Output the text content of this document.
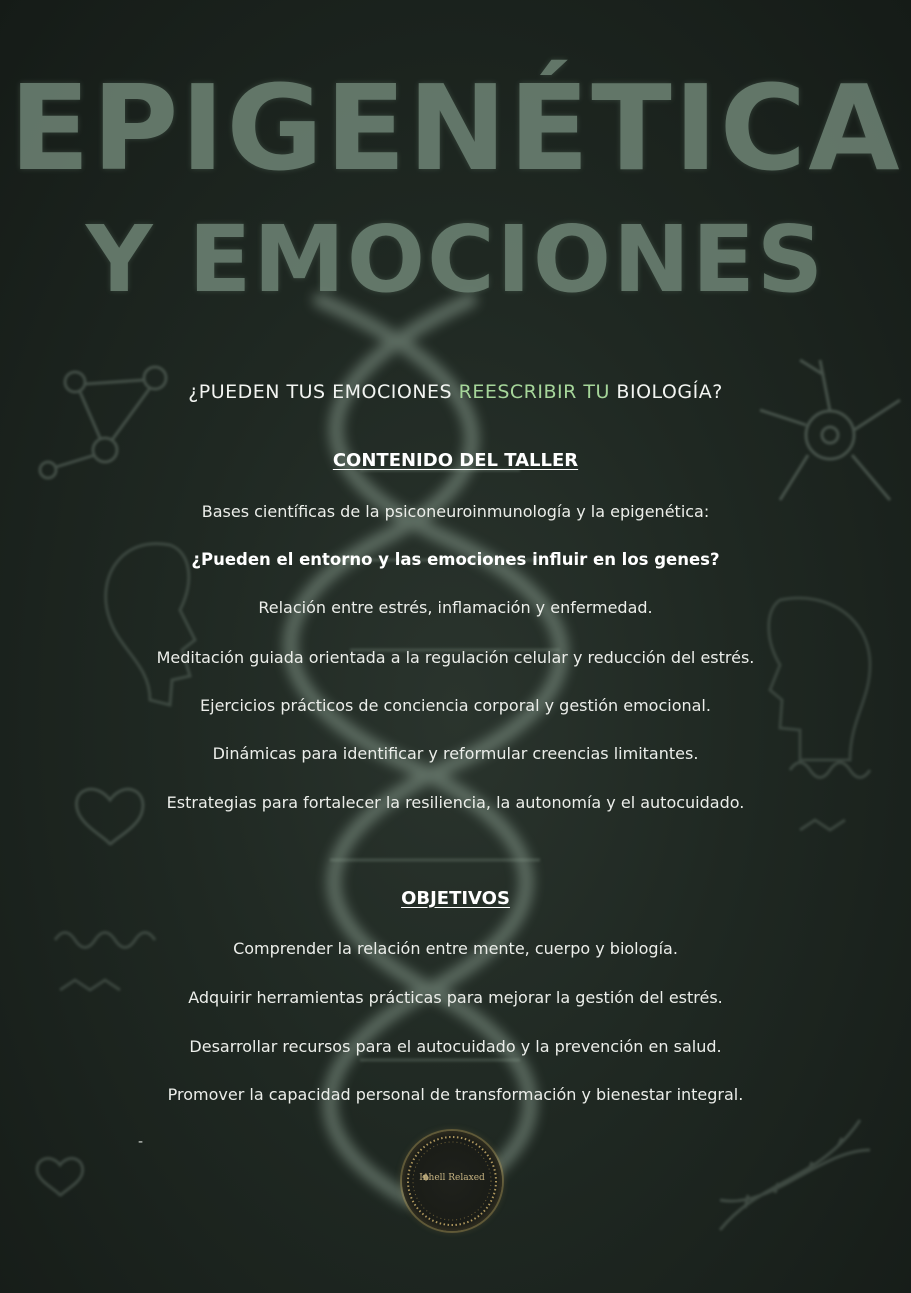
EPIGENÉTICA
Y EMOCIONES
¿PUEDEN TUS EMOCIONES REESCRIBIR TU BIOLOGÍA?
CONTENIDO DEL TALLER
Bases científicas de la psiconeuroinmunología y la epigenética:
¿Pueden el entorno y las emociones influir en los genes?
Relación entre estrés, inflamación y enfermedad.
Meditación guiada orientada a la regulación celular y reducción del estrés.
Ejercicios prácticos de conciencia corporal y gestión emocional.
Dinámicas para identificar y reformular creencias limitantes.
Estrategias para fortalecer la resiliencia, la autonomía y el autocuidado.
OBJETIVOS
Comprender la relación entre mente, cuerpo y biología.
Adquirir herramientas prácticas para mejorar la gestión del estrés.
Desarrollar recursos para el autocuidado y la prevención en salud.
Promover la capacidad personal de transformación y bienestar integral.
-
Inhell Relaxed
